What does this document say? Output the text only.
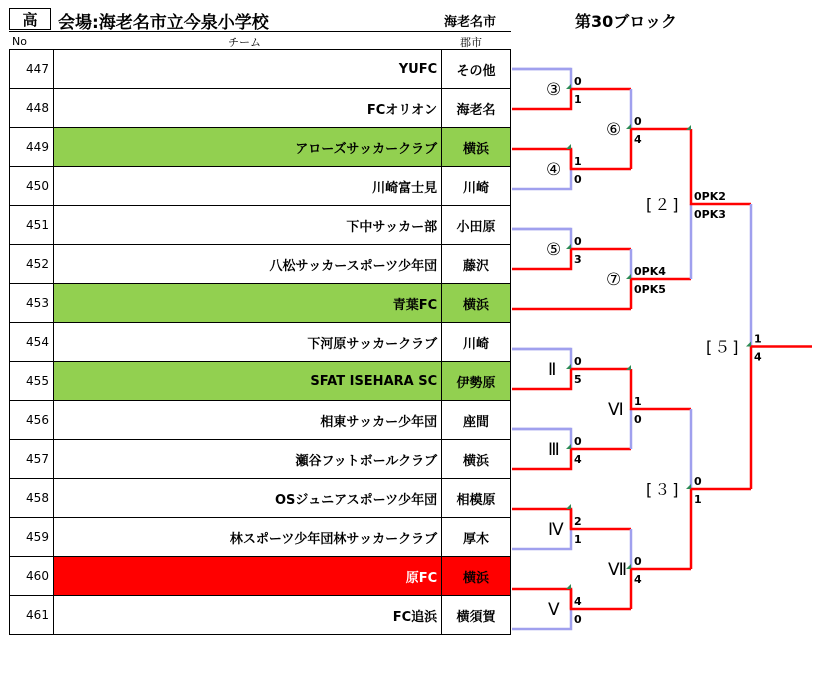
高	会場:海老名市立今泉小学校	海老名市	第30ブロック
No	チーム	郡市
447	YUFC	その他
448	FCオリオン	海老名
449	アローズサッカークラブ	横浜
450	川崎富士見	川崎
451	下中サッカー部	小田原
452	八松サッカースポーツ少年団	藤沢
453	青葉FC	横浜
454	下河原サッカークラブ	川崎
455	SFAT ISEHARA SC	伊勢原
456	相東サッカー少年団	座間
457	瀬谷フットボールクラブ	横浜
458	OSジュニアスポーツ少年団	相模原
459	林スポーツ少年団林サッカークラブ	厚木
460	原FC	横浜
461	FC追浜	横須賀
0
1
③
1
0
④
0
3
⑤
0
5
Ⅱ
0
4
Ⅲ
2
1
Ⅳ
4
0
Ⅴ
0
4
⑥
0PK4
0PK5
⑦
1
0
Ⅵ
0
4
Ⅶ
0PK2
0PK3
[２]
0
1
[３]
1
4
[５]
